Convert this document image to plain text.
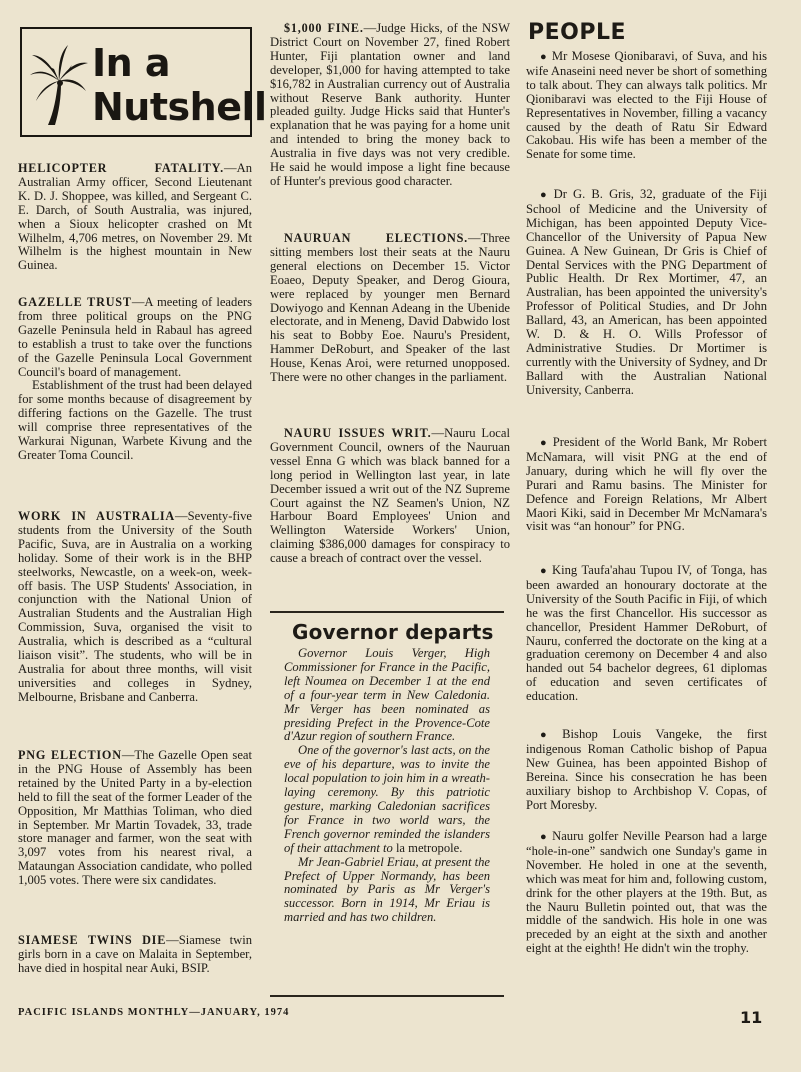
In a
Nutshell

HELICOPTER FATALITY.—An Australian Army officer, Second Lieutenant K. D. J. Shoppee, was killed, and Sergeant C. E. Darch, of South Australia, was injured, when a Sioux helicopter crashed on Mt Wilhelm, 4,706 metres, on November 29. Mt Wilhelm is the highest mountain in New Guinea.

GAZELLE TRUST—A meeting of leaders from three political groups on the PNG Gazelle Peninsula held in Rabaul has agreed to establish a trust to take over the functions of the Gazelle Peninsula Local Government Council's board of management.

Establishment of the trust had been delayed for some months because of disagreement by differing factions on the Gazelle. The trust will comprise three representatives of the Warkurai Nigunan, Warbete Kivung and the Greater Toma Council.

WORK IN AUSTRALIA—Seventy-five students from the University of the South Pacific, Suva, are in Australia on a working holiday. Some of their work is in the BHP steelworks, Newcastle, on a week-on, week-off basis. The USP Students' Association, in conjunction with the National Union of Australian Students and the Australian High Commission, Suva, organised the visit to Australia, which is described as a “cultural liaison visit”. The students, who will be in Australia for about three months, will visit universities and colleges in Sydney, Melbourne, Brisbane and Canberra.

PNG ELECTION—The Gazelle Open seat in the PNG House of Assembly has been retained by the United Party in a by-election held to fill the seat of the former Leader of the Opposition, Mr Matthias Toliman, who died in September. Mr Martin Tovadek, 33, trade store manager and farmer, won the seat with 3,097 votes from his nearest rival, a Mataungan Association candidate, who polled 1,005 votes. There were six candidates.

SIAMESE TWINS DIE—Siamese twin girls born in a cave on Malaita in September, have died in hospital near Auki, BSIP.

$1,000 FINE.—Judge Hicks, of the NSW District Court on November 27, fined Robert Hunter, Fiji plantation owner and land developer, $1,000 for having attempted to take $16,782 in Australian currency out of Australia without Reserve Bank authority. Hunter pleaded guilty. Judge Hicks said that Hunter's explanation that he was paying for a home unit and intended to bring the money back to Australia in five days was not very credible. He said he would impose a light fine because of Hunter's previous good character.

NAURUAN ELECTIONS.—Three sitting members lost their seats at the Nauru general elections on December 15. Victor Eoaeo, Deputy Speaker, and Derog Gioura, were replaced by younger men Bernard Dowiyogo and Kennan Adeang in the Ubenide electorate, and in Meneng, David Dabwido lost his seat to Bobby Eoe. Nauru's President, Hammer DeRoburt, and Speaker of the last House, Kenas Aroi, were returned unopposed. There were no other changes in the parliament.

NAURU ISSUES WRIT.—Nauru Local Government Council, owners of the Nauruan vessel Enna G which was black banned for a long period in Wellington last year, in late December issued a writ out of the NZ Supreme Court against the NZ Seamen's Union, NZ Harbour Board Employees' Union and Wellington Waterside Workers' Union, claiming $386,000 damages for conspiracy to cause a breach of contract over the vessel.

Governor departs

Governor Louis Verger, High Commissioner for France in the Pacific, left Noumea on December 1 at the end of a four-year term in New Caledonia. Mr Verger has been nominated as presiding Prefect in the Provence-Cote d'Azur region of southern France.

One of the governor's last acts, on the eve of his departure, was to invite the local population to join him in a wreath-laying ceremony. By this patriotic gesture, marking Caledonian sacrifices for France in two world wars, the French governor reminded the islanders of their attachment to la metropole.

Mr Jean-Gabriel Eriau, at present the Prefect of Upper Normandy, has been nominated by Paris as Mr Verger's successor. Born in 1914, Mr Eriau is married and has two children.

PEOPLE

● Mr Mosese Qionibaravi, of Suva, and his wife Anaseini need never be short of something to talk about. They can always talk politics. Mr Qionibaravi was elected to the Fiji House of Representatives in November, filling a vacancy caused by the death of Ratu Sir Edward Cakobau. His wife has been a member of the Senate for some time.

● Dr G. B. Gris, 32, graduate of the Fiji School of Medicine and the University of Michigan, has been appointed Deputy Vice-Chancellor of the University of Papua New Guinea. A New Guinean, Dr Gris is Chief of Dental Services with the PNG Department of Public Health. Dr Rex Mortimer, 47, an Australian, has been appointed the university's Professor of Political Studies, and Dr John Ballard, 43, an American, has been appointed W. D. & H. O. Wills Professor of Administrative Studies. Dr Mortimer is currently with the University of Sydney, and Dr Ballard with the Australian National University, Canberra.

● President of the World Bank, Mr Robert McNamara, will visit PNG at the end of January, during which he will fly over the Purari and Ramu basins. The Minister for Defence and Foreign Relations, Mr Albert Maori Kiki, said in December Mr McNamara's visit was “an honour” for PNG.

● King Taufa'ahau Tupou IV, of Tonga, has been awarded an honourary doctorate at the University of the South Pacific in Fiji, of which he was the first Chancellor. His successor as chancellor, President Hammer DeRoburt, of Nauru, conferred the doctorate on the king at a graduation ceremony on December 4 and also handed out 54 bachelor degrees, 61 diplomas of education and seven certificates of education.

● Bishop Louis Vangeke, the first indigenous Roman Catholic bishop of Papua New Guinea, has been appointed Bishop of Bereina. Since his consecration he has been auxiliary bishop to Archbishop V. Copas, of Port Moresby.

● Nauru golfer Neville Pearson had a large “hole-in-one” sandwich one Sunday's game in November. He holed in one at the seventh, which was meat for him and, following custom, drink for the other players at the 19th. But, as the Nauru Bulletin pointed out, that was the middle of the sandwich. His hole in one was preceded by an eight at the sixth and another eight at the eighth! He didn't win the trophy.

PACIFIC ISLANDS MONTHLY—JANUARY, 1974	11
